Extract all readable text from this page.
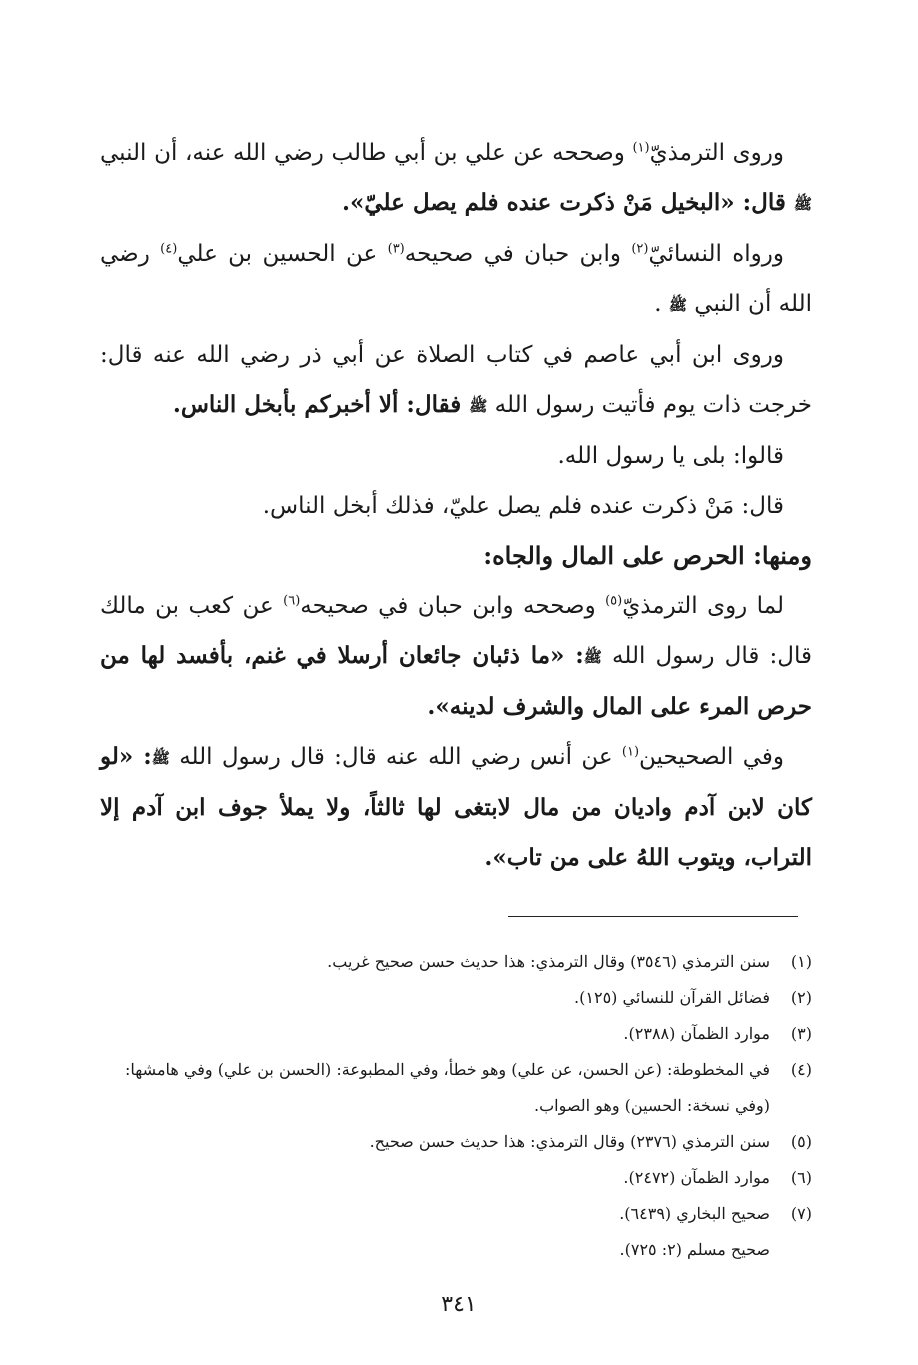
وروى الترمذيّ$^{(١)}$ وصححه عن علي بن أبي طالب رضي الله عنه، أن النبي ﷺ قال: «البخيل مَنْ ذكرت عنده فلم يصل عليّ».

ورواه النسائيّ$^{(٢)}$ وابن حبان في صحيحه$^{(٣)}$ عن الحسين بن علي$^{(٤)}$ رضي الله أن النبي ﷺ .

وروى ابن أبي عاصم في كتاب الصلاة عن أبي ذر رضي الله عنه قال: خرجت ذات يوم فأتيت رسول الله ﷺ فقال: ألا أخبركم بأبخل الناس.

قالوا: بلى يا رسول الله.

قال: مَنْ ذكرت عنده فلم يصل عليّ، فذلك أبخل الناس.

ومنها: الحرص على المال والجاه:

لما روى الترمذيّ$^{(٥)}$ وصححه وابن حبان في صحيحه$^{(٦)}$ عن كعب بن مالك قال: قال رسول الله ﷺ: «ما ذئبان جائعان أرسلا في غنم، بأفسد لها من حرص المرء على المال والشرف لدينه».

وفي الصحيحين$^{(١)}$ عن أنس رضي الله عنه قال: قال رسول الله ﷺ: «لو كان لابن آدم واديان من مال لابتغى لها ثالثاً، ولا يملأ جوف ابن آدم إلا التراب، ويتوب اللهُ على من تاب».

(١)
سنن الترمذي (٣٥٤٦) وقال الترمذي: هذا حديث حسن صحيح غريب.
(٢)
فضائل القرآن للنسائي (١٢٥).
(٣)
موارد الظمآن (٢٣٨٨).
(٤)
في المخطوطة: (عن الحسن، عن علي) وهو خطأ، وفي المطبوعة: (الحسن بن علي) وفي هامشها: (وفي نسخة: الحسين) وهو الصواب.
(٥)
سنن الترمذي (٢٣٧٦) وقال الترمذي: هذا حديث حسن صحيح.
(٦)
موارد الظمآن (٢٤٧٢).
(٧)
صحيح البخاري (٦٤٣٩).
صحيح مسلم (٢: ٧٢٥).
٣٤١
